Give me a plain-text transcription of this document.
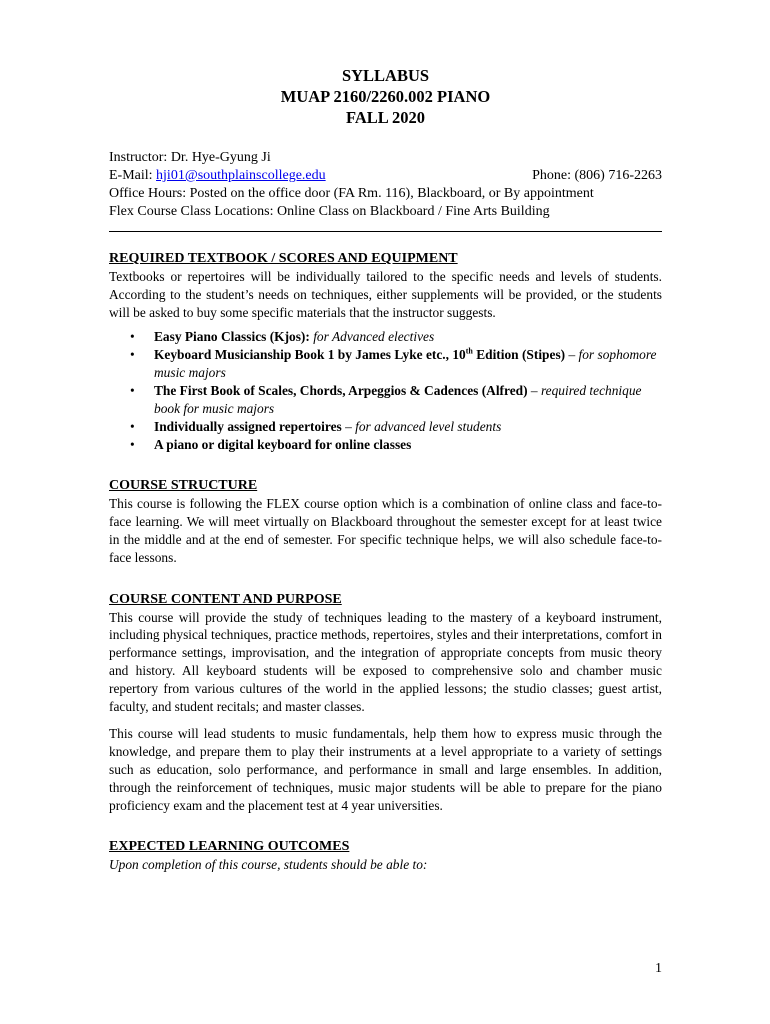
SYLLABUS
MUAP 2160/2260.002 PIANO
FALL 2020
Instructor: Dr. Hye-Gyung Ji
E-Mail: hji01@southplainscollege.edu	Phone: (806) 716-2263
Office Hours: Posted on the office door (FA Rm. 116), Blackboard, or By appointment
Flex Course Class Locations: Online Class on Blackboard / Fine Arts Building
REQUIRED TEXTBOOK / SCORES AND EQUIPMENT

Textbooks or repertoires will be individually tailored to the specific needs and levels of students. According to the student’s needs on techniques, either supplements will be provided, or the students will be asked to buy some specific materials that the instructor suggests.

• Easy Piano Classics (Kjos): for Advanced electives
• Keyboard Musicianship Book 1 by James Lyke etc., 10th Edition (Stipes) – for sophomore music majors
• The First Book of Scales, Chords, Arpeggios & Cadences (Alfred) – required technique book for music majors
• Individually assigned repertoires – for advanced level students
• A piano or digital keyboard for online classes
COURSE STRUCTURE

This course is following the FLEX course option which is a combination of online class and face-to-face learning. We will meet virtually on Blackboard throughout the semester except for at least twice in the middle and at the end of semester. For specific technique helps, we will also schedule face-to-face lessons.

COURSE CONTENT AND PURPOSE

This course will provide the study of techniques leading to the mastery of a keyboard instrument, including physical techniques, practice methods, repertoires, styles and their interpretations, comfort in performance settings, improvisation, and the integration of appropriate concepts from music theory and history. All keyboard students will be exposed to comprehensive solo and chamber music repertory from various cultures of the world in the applied lessons; the studio classes; guest artist, faculty, and student recitals; and master classes.

This course will lead students to music fundamentals, help them how to express music through the knowledge, and prepare them to play their instruments at a level appropriate to a variety of settings such as education, solo performance, and performance in small and large ensembles. In addition, through the reinforcement of techniques, music major students will be able to prepare for the piano proficiency exam and the placement test at 4 year universities.

EXPECTED LEARNING OUTCOMES

Upon completion of this course, students should be able to:

1
